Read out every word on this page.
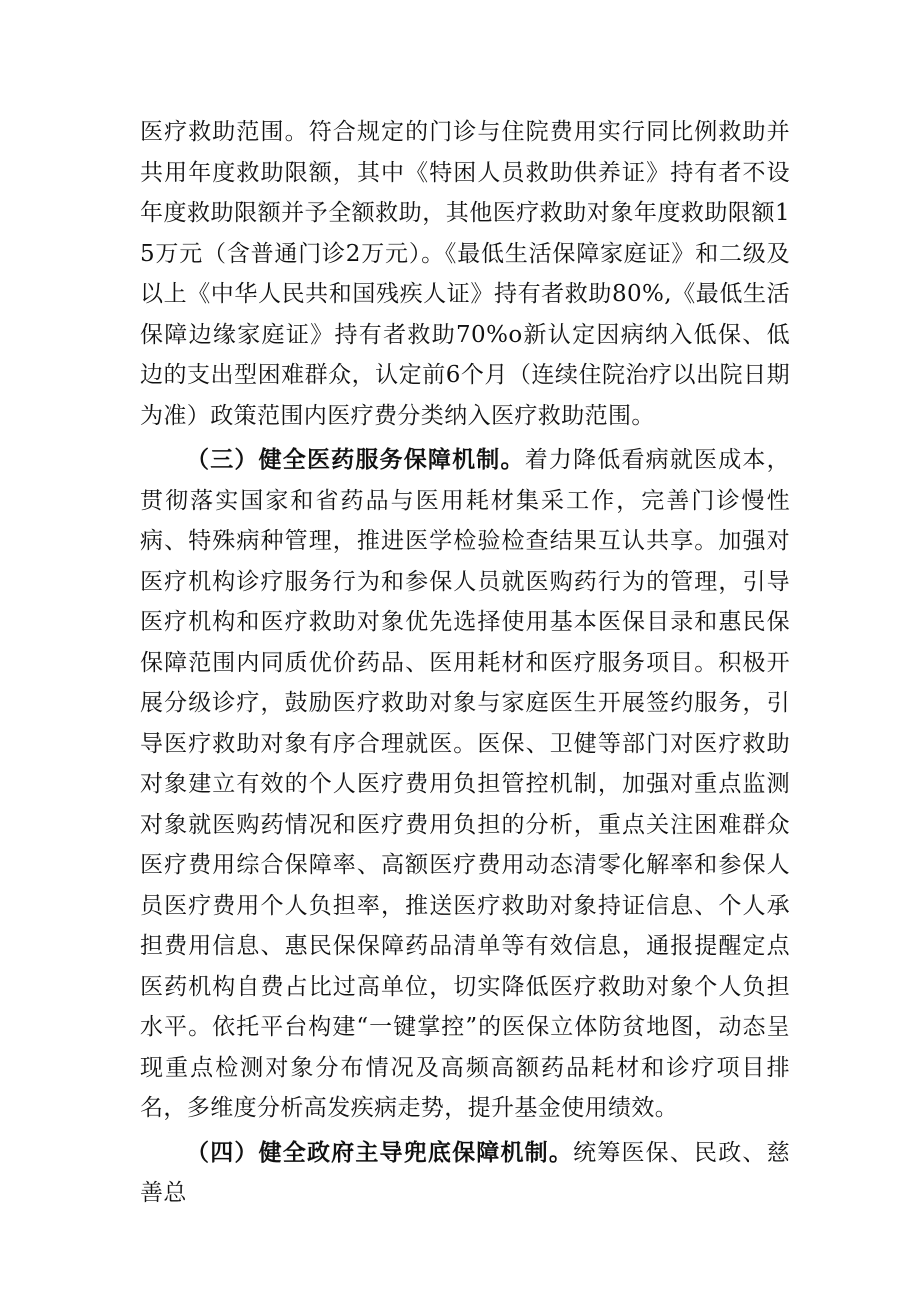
医疗救助范围。符合规定的门诊与住院费用实行同比例救助并共用年度救助限额，其中《特困人员救助供养证》持有者不设年度救助限额并予全额救助，其他医疗救助对象年度救助限额15万元（含普通门诊2万元）。《最低生活保障家庭证》和二级及以上《中华人民共和国残疾人证》持有者救助80%,《最低生活保障边缘家庭证》持有者救助70%o新认定因病纳入低保、低边的支出型困难群众，认定前6个月（连续住院治疗以出院日期为准）政策范围内医疗费分类纳入医疗救助范围。

（三）健全医药服务保障机制。着力降低看病就医成本，贯彻落实国家和省药品与医用耗材集采工作，完善门诊慢性病、特殊病种管理，推进医学检验检查结果互认共享。加强对医疗机构诊疗服务行为和参保人员就医购药行为的管理，引导医疗机构和医疗救助对象优先选择使用基本医保目录和惠民保保障范围内同质优价药品、医用耗材和医疗服务项目。积极开展分级诊疗，鼓励医疗救助对象与家庭医生开展签约服务，引导医疗救助对象有序合理就医。医保、卫健等部门对医疗救助对象建立有效的个人医疗费用负担管控机制，加强对重点监测对象就医购药情况和医疗费用负担的分析，重点关注困难群众医疗费用综合保障率、高额医疗费用动态清零化解率和参保人员医疗费用个人负担率，推送医疗救助对象持证信息、个人承担费用信息、惠民保保障药品清单等有效信息，通报提醒定点医药机构自费占比过高单位，切实降低医疗救助对象个人负担水平。依托平台构建“一键掌控”的医保立体防贫地图，动态呈现重点检测对象分布情况及高频高额药品耗材和诊疗项目排名，多维度分析高发疾病走势，提升基金使用绩效。

（四）健全政府主导兜底保障机制。统筹医保、民政、慈善总
